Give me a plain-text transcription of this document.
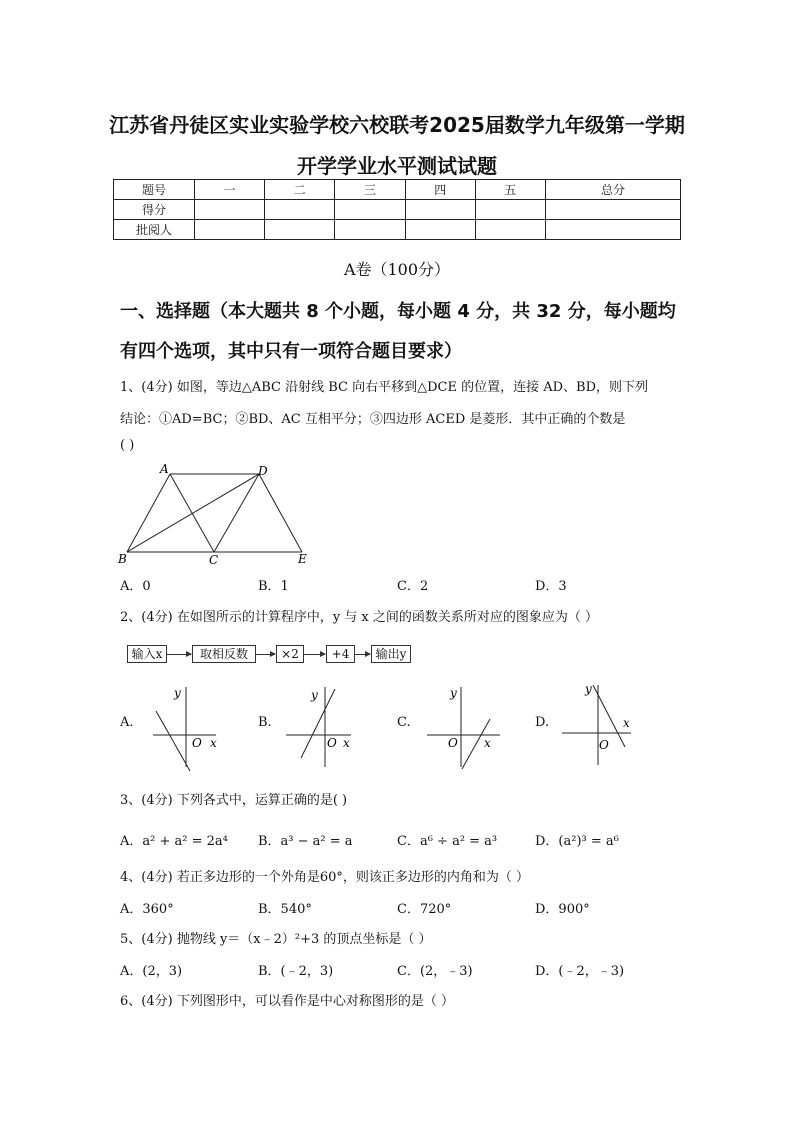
江苏省丹徒区实业实验学校六校联考2025届数学九年级第一学期
开学学业水平测试试题
题号	一	二	三	四	五	总分
得分						
批阅人						
A卷（100分）
一、选择题（本大题共 8 个小题，每小题 4 分，共 32 分，每小题均
有四个选项，其中只有一项符合题目要求）
1、(4分) 如图，等边△ABC 沿射线 BC 向右平移到△DCE 的位置，连接 AD、BD，则下列
结论：①AD=BC；②BD、AC 互相平分；③四边形 ACED 是菱形．其中正确的个数是
( )
A	D
B	C	E
A．0	B．1	C．2	D．3
2、(4分) 在如图所示的计算程序中，y 与 x 之间的函数关系所对应的图象应为（ ）
输入x	取相反数	×2	+4	输出y
A.
y
O x
B.
y
O x
C.
y
O x
D.
y
O
x
3、(4分) 下列各式中，运算正确的是( )
A．a² + a² = 2a⁴ B．a³ − a² = a	C．a⁶ ÷ a² = a³	D．(a²)³ = a⁶
4、(4分) 若正多边形的一个外角是60°，则该正多边形的内角和为（ ）
A．360°	B．540°	C．720°	D．900°
5、(4分) 抛物线 y＝（x﹣2）²+3 的顶点坐标是（ ）
A．(2，3)	B．(﹣2，3)	C．(2，﹣3)	D．(﹣2，﹣3)
6、(4分) 下列图形中，可以看作是中心对称图形的是（ ）
